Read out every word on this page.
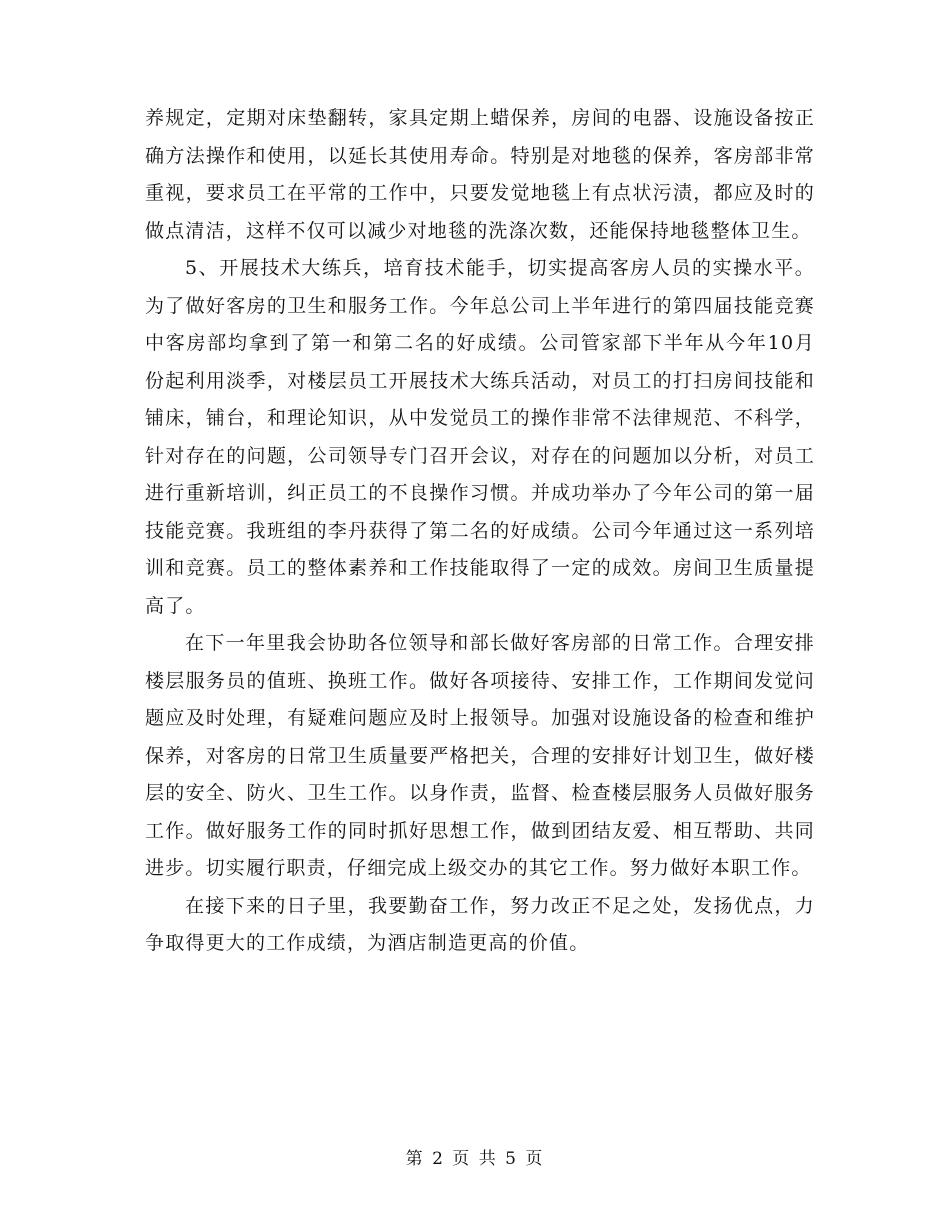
养规定，定期对床垫翻转，家具定期上蜡保养，房间的电器、设施设备按正确方法操作和使用，以延长其使用寿命。特别是对地毯的保养，客房部非常重视，要求员工在平常的工作中，只要发觉地毯上有点状污渍，都应及时的做点清洁，这样不仅可以减少对地毯的洗涤次数，还能保持地毯整体卫生。

5、开展技术大练兵，培育技术能手，切实提高客房人员的实操水平。为了做好客房的卫生和服务工作。今年总公司上半年进行的第四届技能竞赛中客房部均拿到了第一和第二名的好成绩。公司管家部下半年从今年10月份起利用淡季，对楼层员工开展技术大练兵活动，对员工的打扫房间技能和铺床，铺台，和理论知识，从中发觉员工的操作非常不法律规范、不科学，针对存在的问题，公司领导专门召开会议，对存在的问题加以分析，对员工进行重新培训，纠正员工的不良操作习惯。并成功举办了今年公司的第一届技能竞赛。我班组的李丹获得了第二名的好成绩。公司今年通过这一系列培训和竞赛。员工的整体素养和工作技能取得了一定的成效。房间卫生质量提高了。

在下一年里我会协助各位领导和部长做好客房部的日常工作。合理安排楼层服务员的值班、换班工作。做好各项接待、安排工作，工作期间发觉问题应及时处理，有疑难问题应及时上报领导。加强对设施设备的检查和维护保养，对客房的日常卫生质量要严格把关，合理的安排好计划卫生，做好楼层的安全、防火、卫生工作。以身作责，监督、检查楼层服务人员做好服务工作。做好服务工作的同时抓好思想工作，做到团结友爱、相互帮助、共同进步。切实履行职责，仔细完成上级交办的其它工作。努力做好本职工作。

在接下来的日子里，我要勤奋工作，努力改正不足之处，发扬优点，力争取得更大的工作成绩，为酒店制造更高的价值。

第 2 页 共 5 页
